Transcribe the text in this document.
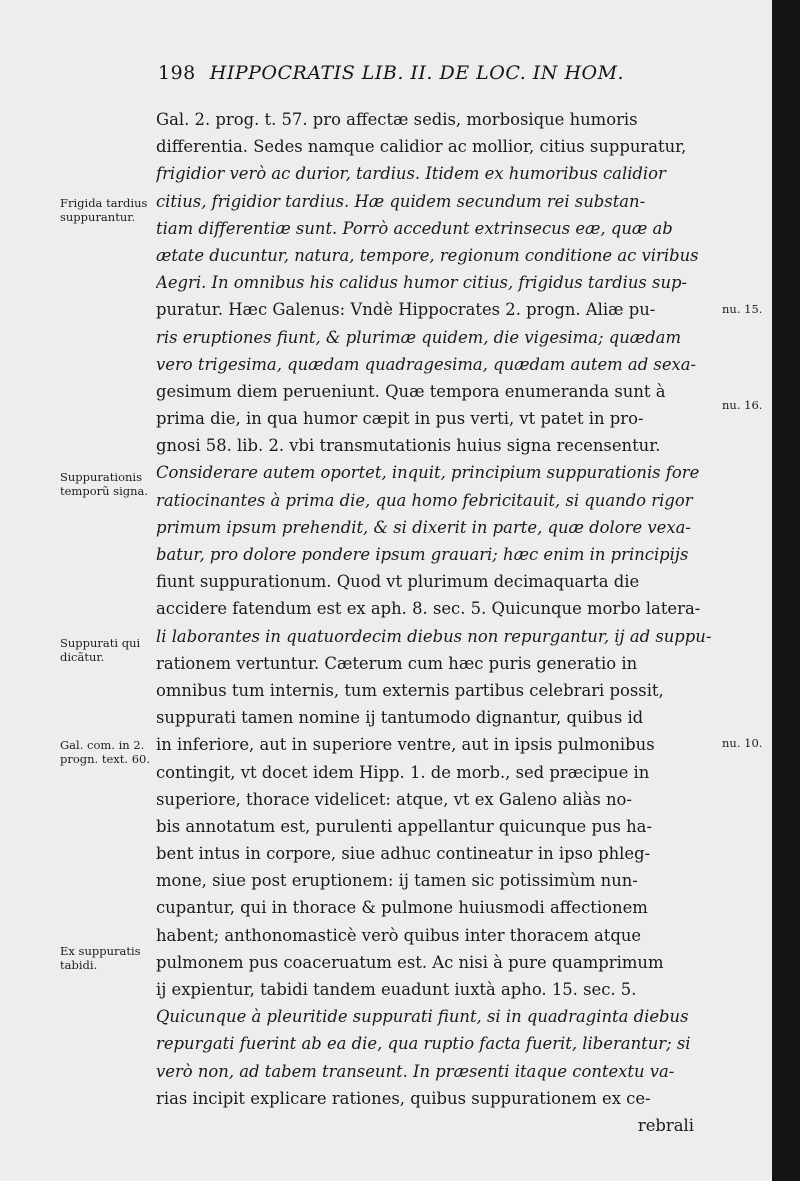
198 HIPPOCRATIS LIB. II. DE LOC. IN HOM.
Gal. 2. prog. t. 57. pro affectæ sedis, morbosique humoris
differentia. Sedes namque calidior ac mollior, citius suppuratur,
frigidior verò ac durior, tardius. Itidem ex humoribus calidior
citius, frigidior tardius. Hæ quidem secundum rei substan-
tiam differentiæ sunt. Porrò accedunt extrinsecus eæ, quæ ab
ætate ducuntur, natura, tempore, regionum conditione ac viribus
Aegri. In omnibus his calidus humor citius, frigidus tardius sup-
puratur. Hæc Galenus: Vndè Hippocrates 2. progn. Aliæ pu-
ris eruptiones fiunt, & plurimæ quidem, die vigesima; quædam
vero trigesima, quædam quadragesima, quædam autem ad sexa-
gesimum diem perueniunt. Quæ tempora enumeranda sunt à
prima die, in qua humor cæpit in pus verti, vt patet in pro-
gnosi 58. lib. 2. vbi transmutationis huius signa recensentur.
Considerare autem oportet, inquit, principium suppurationis fore
ratiocinantes à prima die, qua homo febricitauit, si quando rigor
primum ipsum prehendit, & si dixerit in parte, quæ dolore vexa-
batur, pro dolore pondere ipsum grauari; hæc enim in principijs
fiunt suppurationum. Quod vt plurimum decimaquarta die
accidere fatendum est ex aph. 8. sec. 5. Quicunque morbo latera-
li laborantes in quatuordecim diebus non repurgantur, ij ad suppu-
rationem vertuntur. Cæterum cum hæc puris generatio in
omnibus tum internis, tum externis partibus celebrari possit,
suppurati tamen nomine ij tantumodo dignantur, quibus id
in inferiore, aut in superiore ventre, aut in ipsis pulmonibus
contingit, vt docet idem Hipp. 1. de morb., sed præcipue in
superiore, thorace videlicet: atque, vt ex Galeno aliàs no-
bis annotatum est, purulenti appellantur quicunque pus ha-
bent intus in corpore, siue adhuc contineatur in ipso phleg-
mone, siue post eruptionem: ij tamen sic potissimùm nun-
cupantur, qui in thorace & pulmone huiusmodi affectionem
habent; anthonomasticè verò quibus inter thoracem atque
pulmonem pus coaceruatum est. Ac nisi à pure quamprimum
ij expientur, tabidi tandem euadunt iuxtà apho. 15. sec. 5.
Quicunque à pleuritide suppurati fiunt, si in quadraginta diebus
repurgati fuerint ab ea die, qua ruptio facta fuerit, liberantur; si
verò non, ad tabem transeunt. In præsenti itaque contextu va-
rias incipit explicare rationes, quibus suppurationem ex ce-
rebrali
Frigida tardius suppurantur.
Suppurationis temporũ signa.
Suppurati qui dicãtur.
Gal. com. in 2. progn. text. 60.
Ex suppuratis tabidi.
nu. 15.
nu. 16.
nu. 10.
